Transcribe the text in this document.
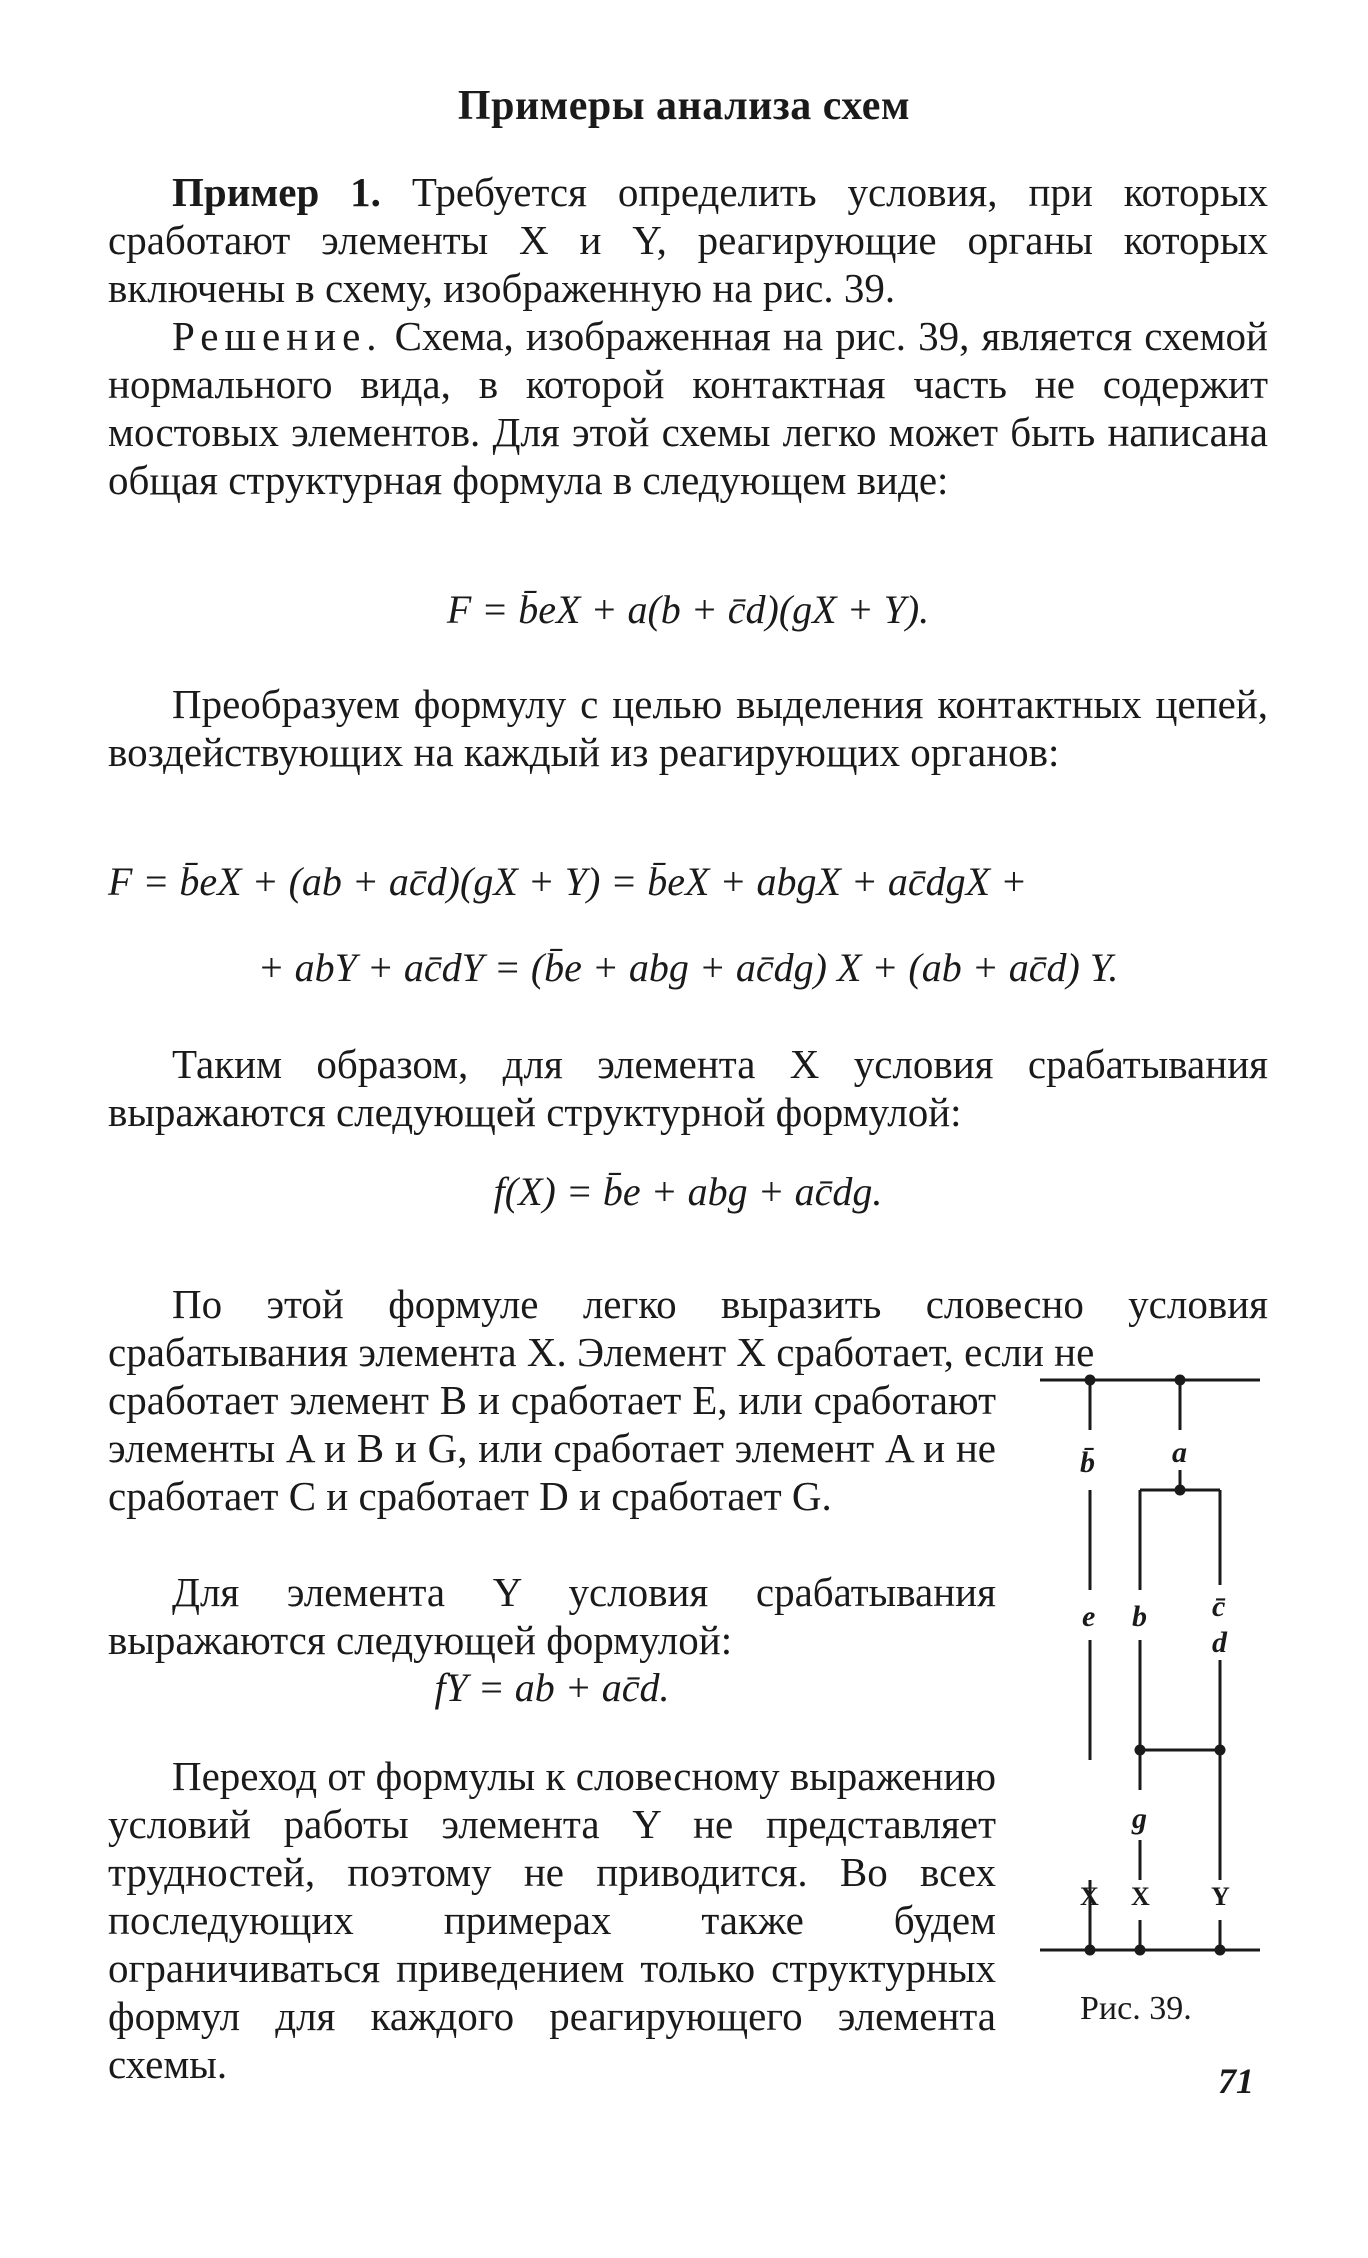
Примеры анализа схем
Пример 1. Требуется определить условия, при которых сработают элементы X и Y, реагирующие органы которых включены в схему, изображенную на рис. 39.
Решение. Схема, изображенная на рис. 39, является схемой нормального вида, в которой контактная часть не содержит мостовых элементов. Для этой схемы легко может быть написана общая структурная формула в следующем виде:
F = b̄eX + a(b + c̄d)(gX + Y).
Преобразуем формулу с целью выделения контактных цепей, воздействующих на каждый из реагирующих органов:
F = b̄eX + (ab + ac̄d)(gX + Y) = b̄eX + abgX + ac̄dgX +
+ abY + ac̄dY = (b̄e + abg + ac̄dg) X + (ab + ac̄d) Y.
Таким образом, для элемента X условия срабатывания выражаются следующей структурной формулой:
f(X) = b̄e + abg + ac̄dg.
По этой формуле легко выразить словесно условия срабатывания элемента X. Элемент X сработает, если не
сработает элемент B и сработает E, или сработают элементы A и B и G, или сработает элемент A и не сработает C и сработает D и сработает G.
Для элемента Y условия срабатывания выражаются следующей формулой:
fY = ab + ac̄d.
Переход от формулы к словесному выражению условий работы элемента Y не представляет трудностей, поэтому не приводится. Во всех последующих примерах также будем ограничиваться приведением только структурных формул для каждого реагирующего элемента схемы.
b̄	a
e b c̄
d
g
X X Y
Рис. 39.
71
